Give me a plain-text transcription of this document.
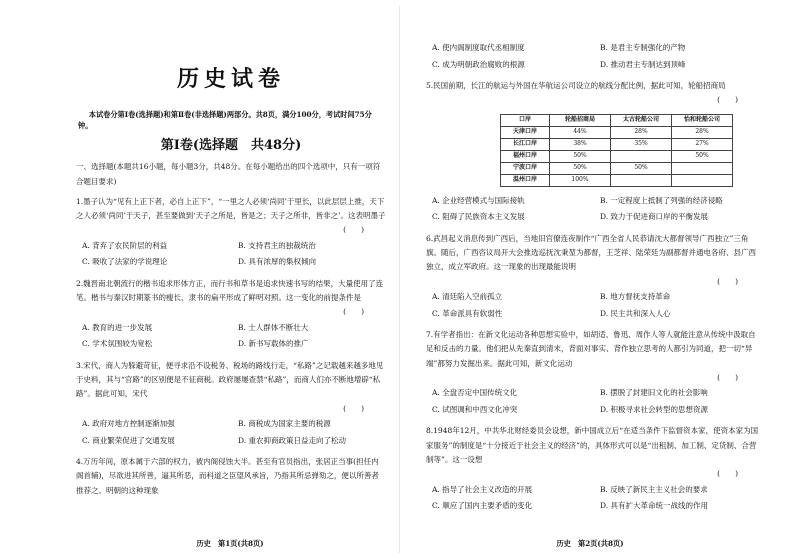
历史试卷

本试卷分第Ⅰ卷(选择题)和第Ⅱ卷(非选择题)两部分。共8页，满分100分，考试时间75分钟。

第Ⅰ卷(选择题　共48分)

一、选择题(本题共16小题，每小题3分，共48分。在每小题给出的四个选项中，只有一项符合题目要求)

1.墨子认为“见有上正下者，必自上正下”，“一里之人必须‘尚同’于里长，以此层层上推，天下之人必须‘尚同’于天子，甚至要做到‘天子之所是，皆是之；天子之所非，皆非之’。这表明墨子

(　　)
A. 背弃了农民阶层的利益	B. 支持君主的独裁统治
C. 吸收了法家的学说理论	D. 具有浓厚的集权倾向

2.魏晋南北朝流行的楷书追求形体方正，而行书和草书是追求快速书写的结果，大量使用了连笔。楷书与秦汉时期篆书的瘦长、隶书的扁平形成了鲜明对照。这一变化的前提条件是

(　　)
A. 教育的进一步发展	B. 士人群体不断壮大
C. 学术氛围较为宽松	D. 新书写载体的推广

3.宋代，商人为躲避苛征，便寻求沿不设税务、税场的路线行走，“私路”之记载越来越多地见于史料，其与“官路”的区别便是不征商税。政府屡屡查禁“私路”，而商人们亦不断地增辟“私路”。据此可知，宋代

(　　)
A. 政府对地方控制逐渐加强	B. 商税成为国家主要的税源
C. 商业繁荣促进了交通发展	D. 重农抑商政策日益走向了松动

4.万历年间，原本属于六部的权力，被内阁侵蚀大半。甚至有官员指出，张居正当事(担任内阁首辅)，尽欲进其所善，逼其所恶，而科道之臣望风承旨，乃指其所忌弹劾之，便以所善者推荐之。明朝的这种现象

历史　第1页(共8页)
A. 使内阁制度取代丞相制度	B. 是君主专制强化的产物
C. 成为明朝政治腐败的根源	D. 推动君主专制达到顶峰

5.民国前期，长江的航运与外国在华航运公司设立的航线分配比例，据此可知，轮船招商局

(　　)
口岸	轮船招商局	太古轮船公司	怡和轮船公司
天津口岸	44%	28%	28%
长江口岸	38%	35%	27%
福州口岸	50%		50%
宁波口岸	50%	50%	
温州口岸	100%		
A. 企业经营模式与国际接轨	B. 一定程度上抵制了列强的经济侵略
C. 阻碍了民族资本主义发展	D. 致力于促进商口岸的平衡发展

6.武昌起义消息传到广西后，当地旧官僚连夜制作“广西全省人民恭请沈大都督领导广西独立”三角旗。随后，广西咨议局开大会推选巡抚沈秉堃为都督，王芝祥、陆荣廷为副都督并通电各府、县广西独立，成立军政府。这一现象的出现最能说明

(　　)
A. 清廷陷入空前孤立	B. 地方督抚支持革命
C. 革命派具有软弱性	D. 民主共和深入人心

7.有学者指出：在新文化运动各种思想实验中，如胡适、鲁迅、周作人等人就能注意从传统中汲取自足和反击的力量。他们把从先秦直到清末，背面对事实、背作独立思考的人都引为同道，把一切“异端”都努力发掘出来。据此可知，新文化运动

(　　)
A. 全盘否定中国传统文化	B. 摆脱了封建旧文化的社会影响
C. 试图调和中西文化冲突	D. 积极寻求社会转型的思想资源

8.1948年12月，中共华北财经委员会设想，新中国成立后“在适当条件下监督资本家，使资本家为国家服务”的制度是“十分接近于社会主义的经济”的，具体形式可以是“出租制、加工制、定货制、合营制等”。这一设想

(　　)
A. 指导了社会主义改造的开展	B. 反映了新民主主义社会的要求
C. 顺应了国内主要矛盾的变化	D. 具有扩大革命统一战线的作用
历史　第2页(共8页)
